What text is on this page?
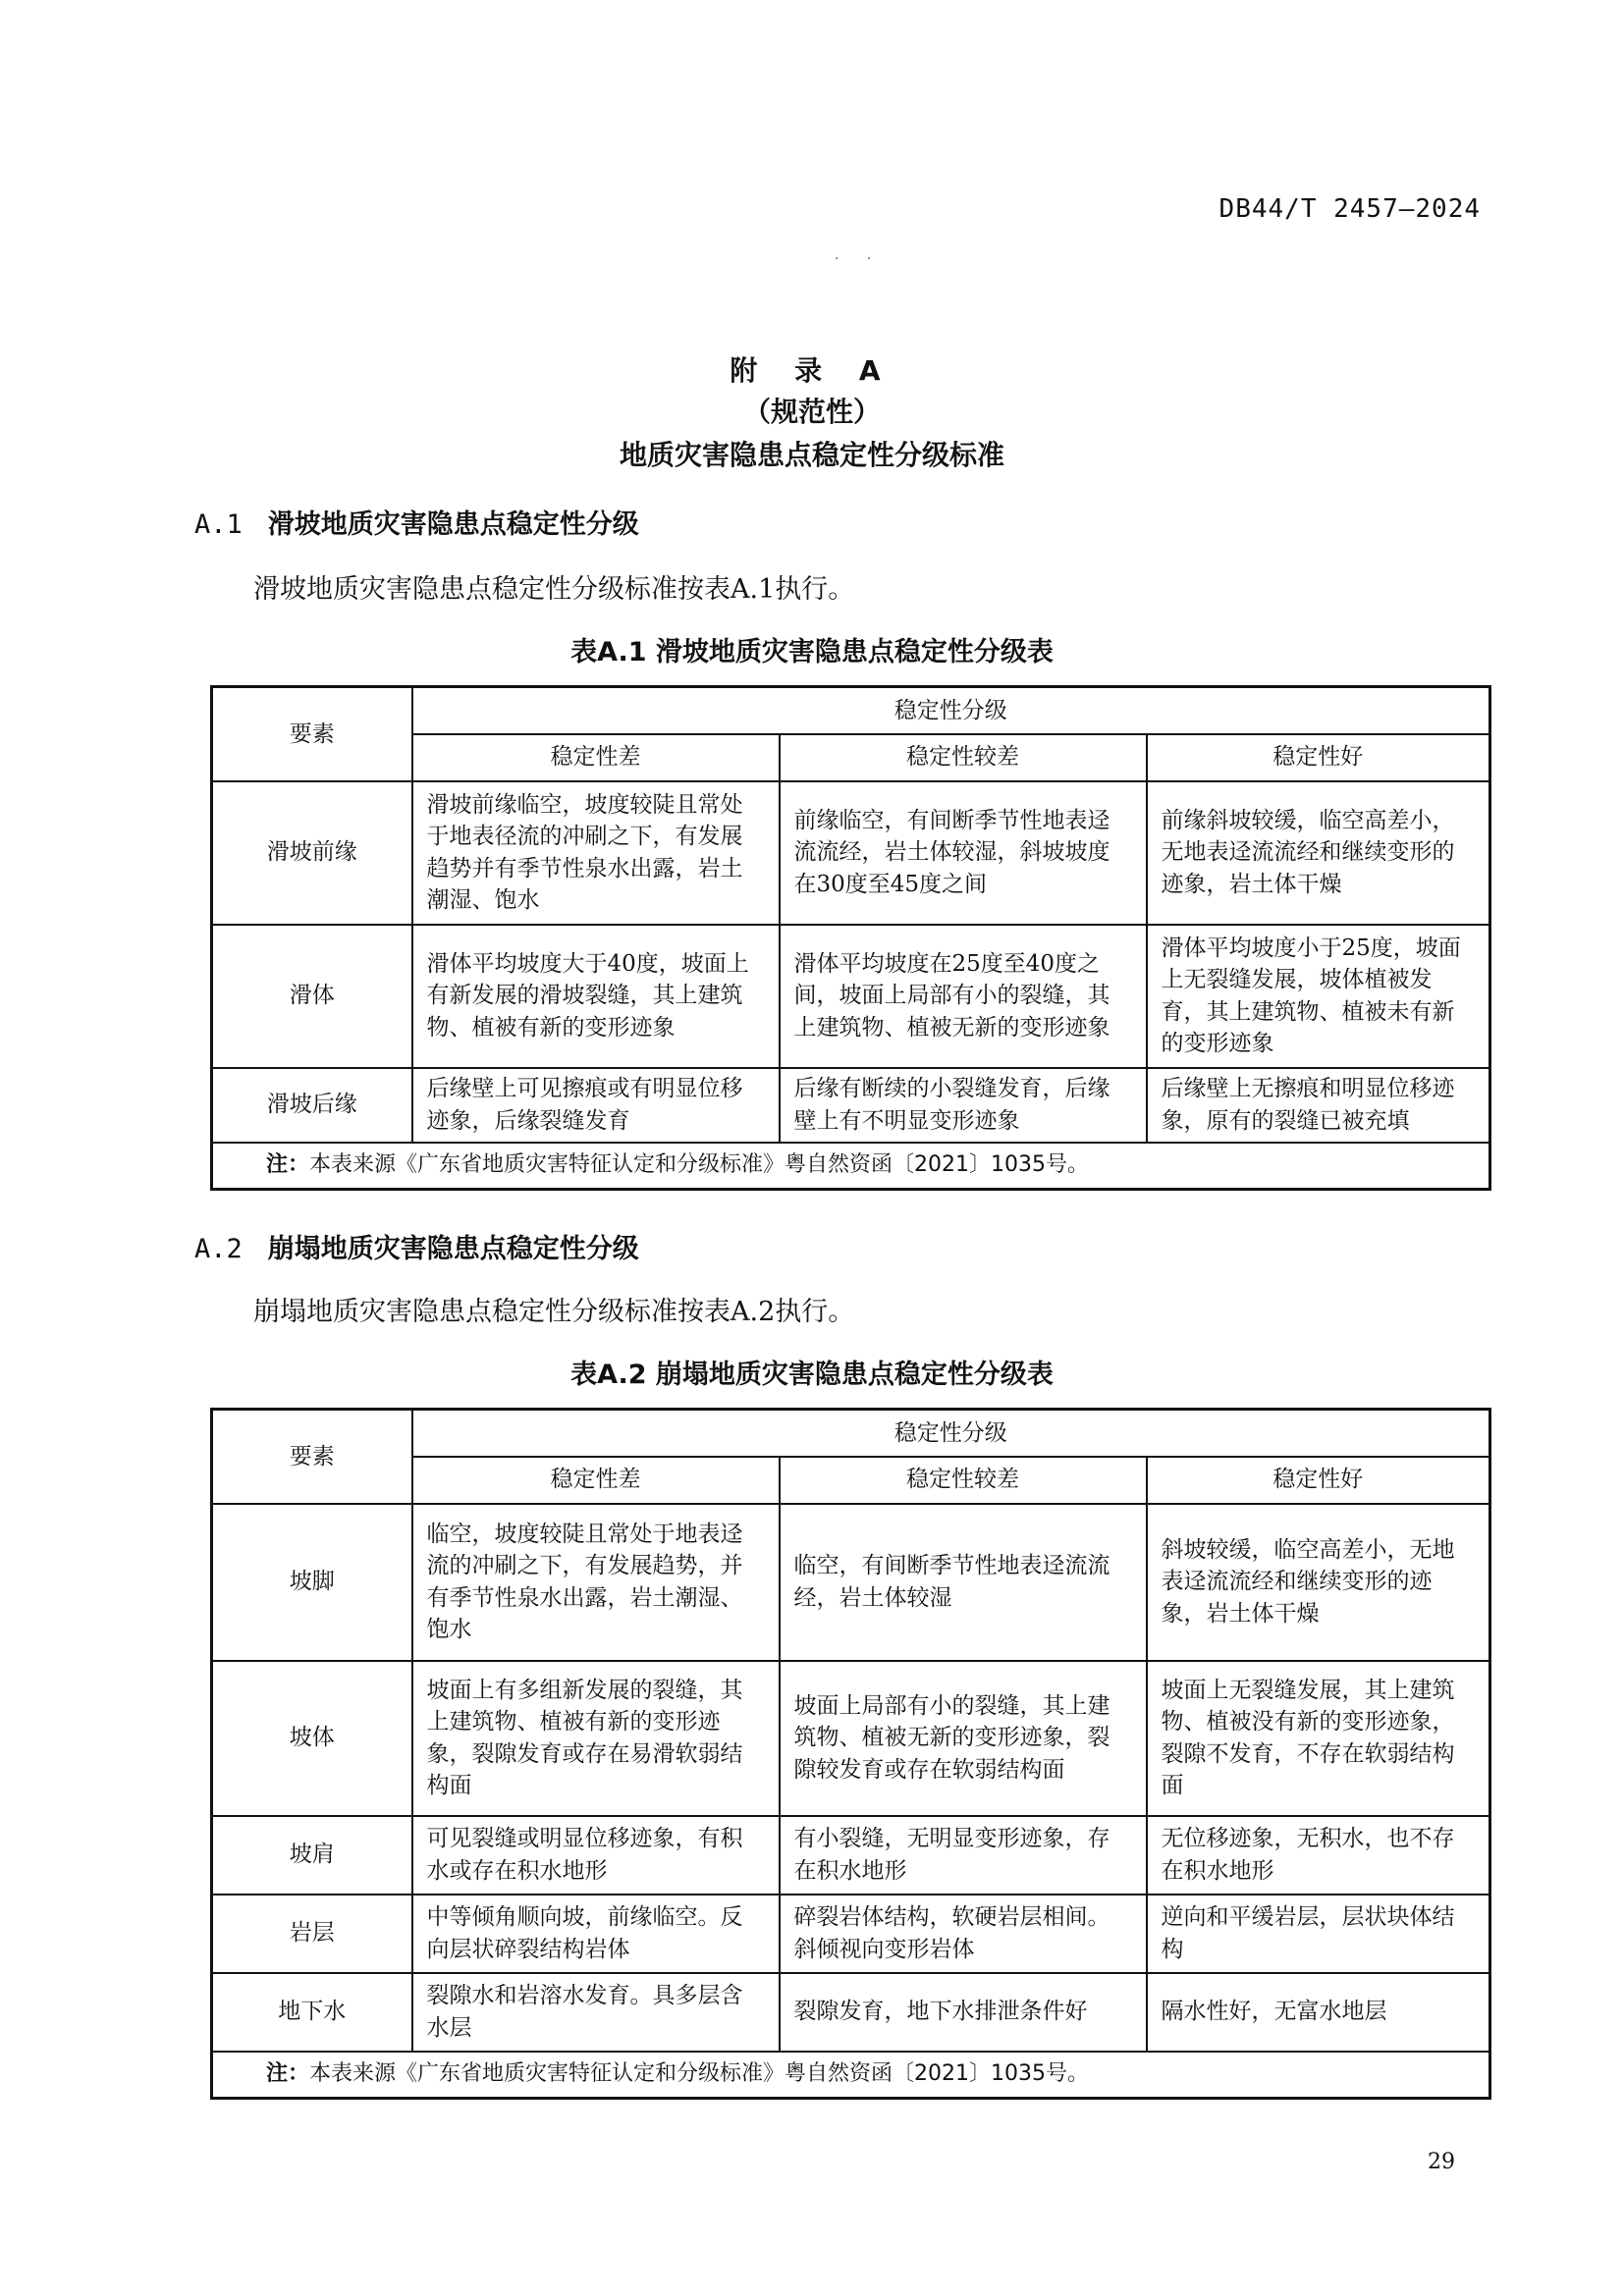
DB44/T 2457—2024
· ·
附 录 A
（规范性）
地质灾害隐患点稳定性分级标准
A.1 滑坡地质灾害隐患点稳定性分级
滑坡地质灾害隐患点稳定性分级标准按表A.1执行。
表A.1 滑坡地质灾害隐患点稳定性分级表
要素	稳定性分级		
	稳定性差	稳定性较差	稳定性好
滑坡前缘	滑坡前缘临空，坡度较陡且常处于地表径流的冲刷之下，有发展趋势并有季节性泉水出露，岩土潮湿、饱水	前缘临空，有间断季节性地表迳流流经，岩土体较湿，斜坡坡度在30度至45度之间	前缘斜坡较缓，临空高差小，无地表迳流流经和继续变形的迹象，岩土体干燥
滑体	滑体平均坡度大于40度，坡面上有新发展的滑坡裂缝，其上建筑物、植被有新的变形迹象	滑体平均坡度在25度至40度之间，坡面上局部有小的裂缝，其上建筑物、植被无新的变形迹象	滑体平均坡度小于25度，坡面上无裂缝发展，坡体植被发育，其上建筑物、植被未有新的变形迹象
滑坡后缘	后缘壁上可见擦痕或有明显位移迹象，后缘裂缝发育	后缘有断续的小裂缝发育，后缘壁上有不明显变形迹象	后缘壁上无擦痕和明显位移迹象，原有的裂缝已被充填
注：本表来源《广东省地质灾害特征认定和分级标准》粤自然资函〔2021〕1035号。			
A.2 崩塌地质灾害隐患点稳定性分级
崩塌地质灾害隐患点稳定性分级标准按表A.2执行。
表A.2 崩塌地质灾害隐患点稳定性分级表
要素	稳定性分级		
	稳定性差	稳定性较差	稳定性好
坡脚	临空，坡度较陡且常处于地表迳流的冲刷之下，有发展趋势，并有季节性泉水出露，岩土潮湿、饱水	临空，有间断季节性地表迳流流经，岩土体较湿	斜坡较缓，临空高差小，无地表迳流流经和继续变形的迹象，岩土体干燥
坡体	坡面上有多组新发展的裂缝，其上建筑物、植被有新的变形迹象，裂隙发育或存在易滑软弱结构面	坡面上局部有小的裂缝，其上建筑物、植被无新的变形迹象，裂隙较发育或存在软弱结构面	坡面上无裂缝发展，其上建筑物、植被没有新的变形迹象，裂隙不发育，不存在软弱结构面
坡肩	可见裂缝或明显位移迹象，有积水或存在积水地形	有小裂缝，无明显变形迹象，存在积水地形	无位移迹象，无积水，也不存在积水地形
岩层	中等倾角顺向坡，前缘临空。反向层状碎裂结构岩体	碎裂岩体结构，软硬岩层相间。斜倾视向变形岩体	逆向和平缓岩层，层状块体结构
地下水	裂隙水和岩溶水发育。具多层含水层	裂隙发育，地下水排泄条件好	隔水性好，无富水地层
注：本表来源《广东省地质灾害特征认定和分级标准》粤自然资函〔2021〕1035号。			
29
